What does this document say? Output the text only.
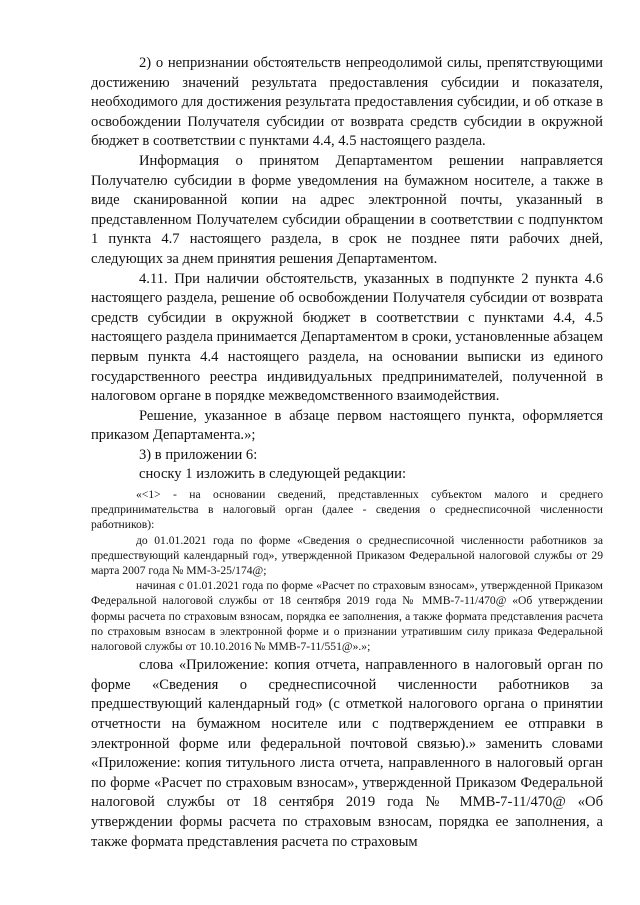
2) о непризнании обстоятельств непреодолимой силы, препятствующими достижению значений результата предоставления субсидии и показателя, необходимого для достижения результата предоставления субсидии, и об отказе в освобождении Получателя субсидии от возврата средств субсидии в окружной бюджет в соответствии с пунктами 4.4, 4.5 настоящего раздела.

Информация о принятом Департаментом решении направляется Получателю субсидии в форме уведомления на бумажном носителе, а также в виде сканированной копии на адрес электронной почты, указанный в представленном Получателем субсидии обращении в соответствии с подпунктом 1 пункта 4.7 настоящего раздела, в срок не позднее пяти рабочих дней, следующих за днем принятия решения Департаментом.

4.11. При наличии обстоятельств, указанных в подпункте 2 пункта 4.6 настоящего раздела, решение об освобождении Получателя субсидии от возврата средств субсидии в окружной бюджет в соответствии с пунктами 4.4, 4.5 настоящего раздела принимается Департаментом в сроки, установленные абзацем первым пункта 4.4 настоящего раздела, на основании выписки из единого государственного реестра индивидуальных предпринимателей, полученной в налоговом органе в порядке межведомственного взаимодействия.

Решение, указанное в абзаце первом настоящего пункта, оформляется приказом Департамента.»;

3) в приложении 6:

сноску 1 изложить в следующей редакции:

«<1> - на основании сведений, представленных субъектом малого и среднего предпринимательства в налоговый орган (далее - сведения о среднесписочной численности работников):

до 01.01.2021 года по форме «Сведения о среднесписочной численности работников за предшествующий календарный год», утвержденной Приказом Федеральной налоговой службы от 29 марта 2007 года № ММ-3-25/174@;

начиная с 01.01.2021 года по форме «Расчет по страховым взносам», утвержденной Приказом Федеральной налоговой службы от 18 сентября 2019 года № ММВ-7-11/470@ «Об утверждении формы расчета по страховым взносам, порядка ее заполнения, а также формата представления расчета по страховым взносам в электронной форме и о признании утратившим силу приказа Федеральной налоговой службы от 10.10.2016 № ММВ-7-11/551@».»;

слова «Приложение: копия отчета, направленного в налоговый орган по форме «Сведения о среднесписочной численности работников за предшествующий календарный год» (с отметкой налогового органа о принятии отчетности на бумажном носителе или с подтверждением ее отправки в электронной форме или федеральной почтовой связью).» заменить словами «Приложение: копия титульного листа отчета, направленного в налоговый орган по форме «Расчет по страховым взносам», утвержденной Приказом Федеральной налоговой службы от 18 сентября 2019 года № ММВ-7-11/470@ «Об утверждении формы расчета по страховым взносам, порядка ее заполнения, а также формата представления расчета по страховым
